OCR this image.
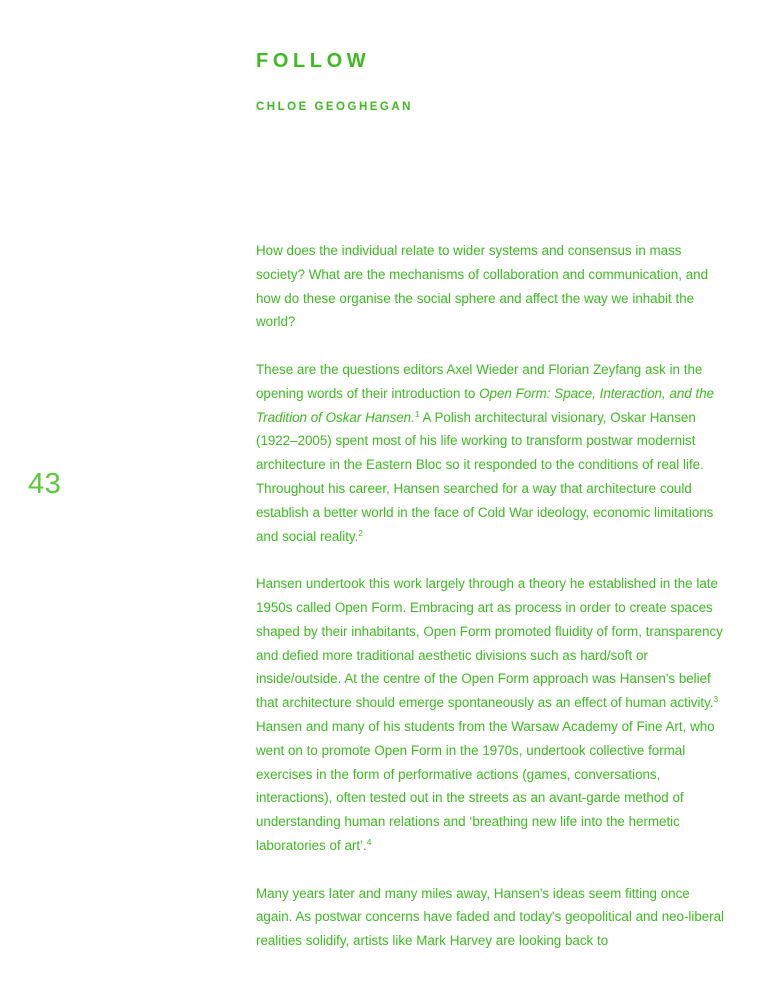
43
FOLLOW
CHLOE GEOGHEGAN

How does the individual relate to wider systems and consensus in mass society? What are the mechanisms of collaboration and communication, and how do these organise the social sphere and affect the way we inhabit the world?

These are the questions editors Axel Wieder and Florian Zeyfang ask in the opening words of their introduction to Open Form: Space, Interaction, and the Tradition of Oskar Hansen.$^1$ A Polish architectural visionary, Oskar Hansen (1922–2005) spent most of his life working to transform postwar modernist architecture in the Eastern Bloc so it responded to the conditions of real life. Throughout his career, Hansen searched for a way that architecture could establish a better world in the face of Cold War ideology, economic limitations and social reality.$^2$

Hansen undertook this work largely through a theory he established in the late 1950s called Open Form. Embracing art as process in order to create spaces shaped by their inhabitants, Open Form promoted fluidity of form, transparency and defied more traditional aesthetic divisions such as hard/soft or inside/outside. At the centre of the Open Form approach was Hansen's belief that architecture should emerge spontaneously as an effect of human activity.$^3$ Hansen and many of his students from the Warsaw Academy of Fine Art, who went on to promote Open Form in the 1970s, undertook collective formal exercises in the form of performative actions (games, conversations, interactions), often tested out in the streets as an avant-garde method of understanding human relations and ‘breathing new life into the hermetic laboratories of art’.$^4$

Many years later and many miles away, Hansen's ideas seem fitting once again. As postwar concerns have faded and today's geopolitical and neo-liberal realities solidify, artists like Mark Harvey are looking back to
